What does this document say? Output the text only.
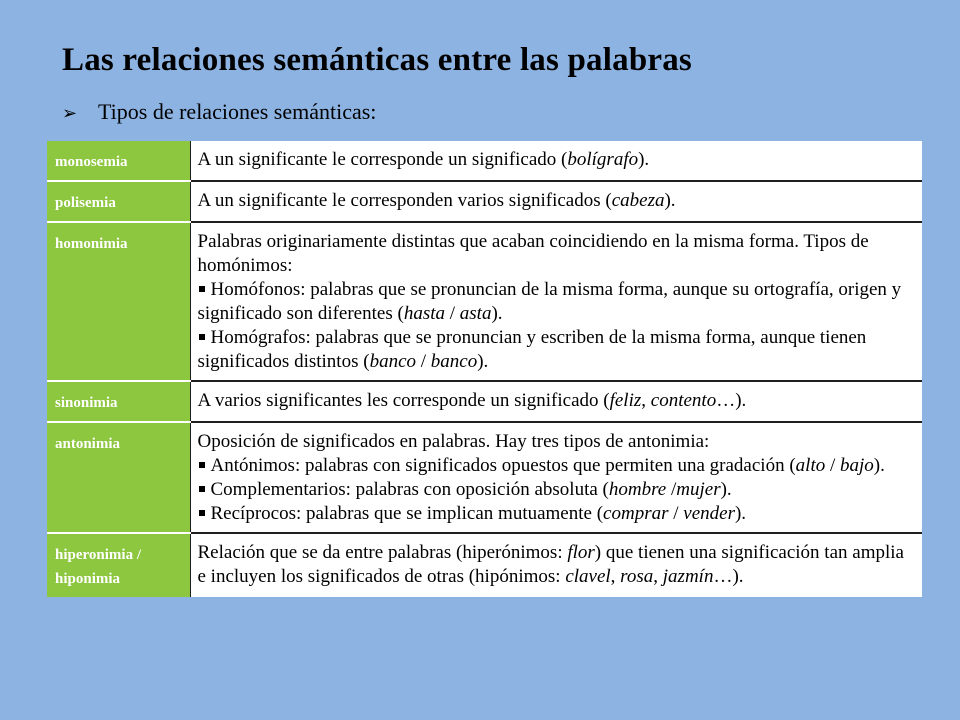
Las relaciones semánticas entre las palabras
➢ Tipos de relaciones semánticas:
monosemia	A un significante le corresponde un significado (bolígrafo).

polisemia	A un significante le corresponden varios significados (cabeza).

homonimia	Palabras originariamente distintas que acaban coincidiendo en la misma forma. Tipos de homónimos:
Homófonos: palabras que se pronuncian de la misma forma, aunque su ortografía, origen y significado son diferentes (hasta / asta).
Homógrafos: palabras que se pronuncian y escriben de la misma forma, aunque tienen significados distintos (banco / banco).

sinonimia	A varios significantes les corresponde un significado (feliz, contento…).

antonimia	Oposición de significados en palabras. Hay tres tipos de antonimia:
Antónimos: palabras con significados opuestos que permiten una gradación (alto / bajo).
Complementarios: palabras con oposición absoluta (hombre /mujer).
Recíprocos: palabras que se implican mutuamente (comprar / vender).

hiperonimia / hiponimia	Relación que se da entre palabras (hiperónimos: flor) que tienen una significación tan amplia e incluyen los significados de otras (hipónimos: clavel, rosa, jazmín…).
